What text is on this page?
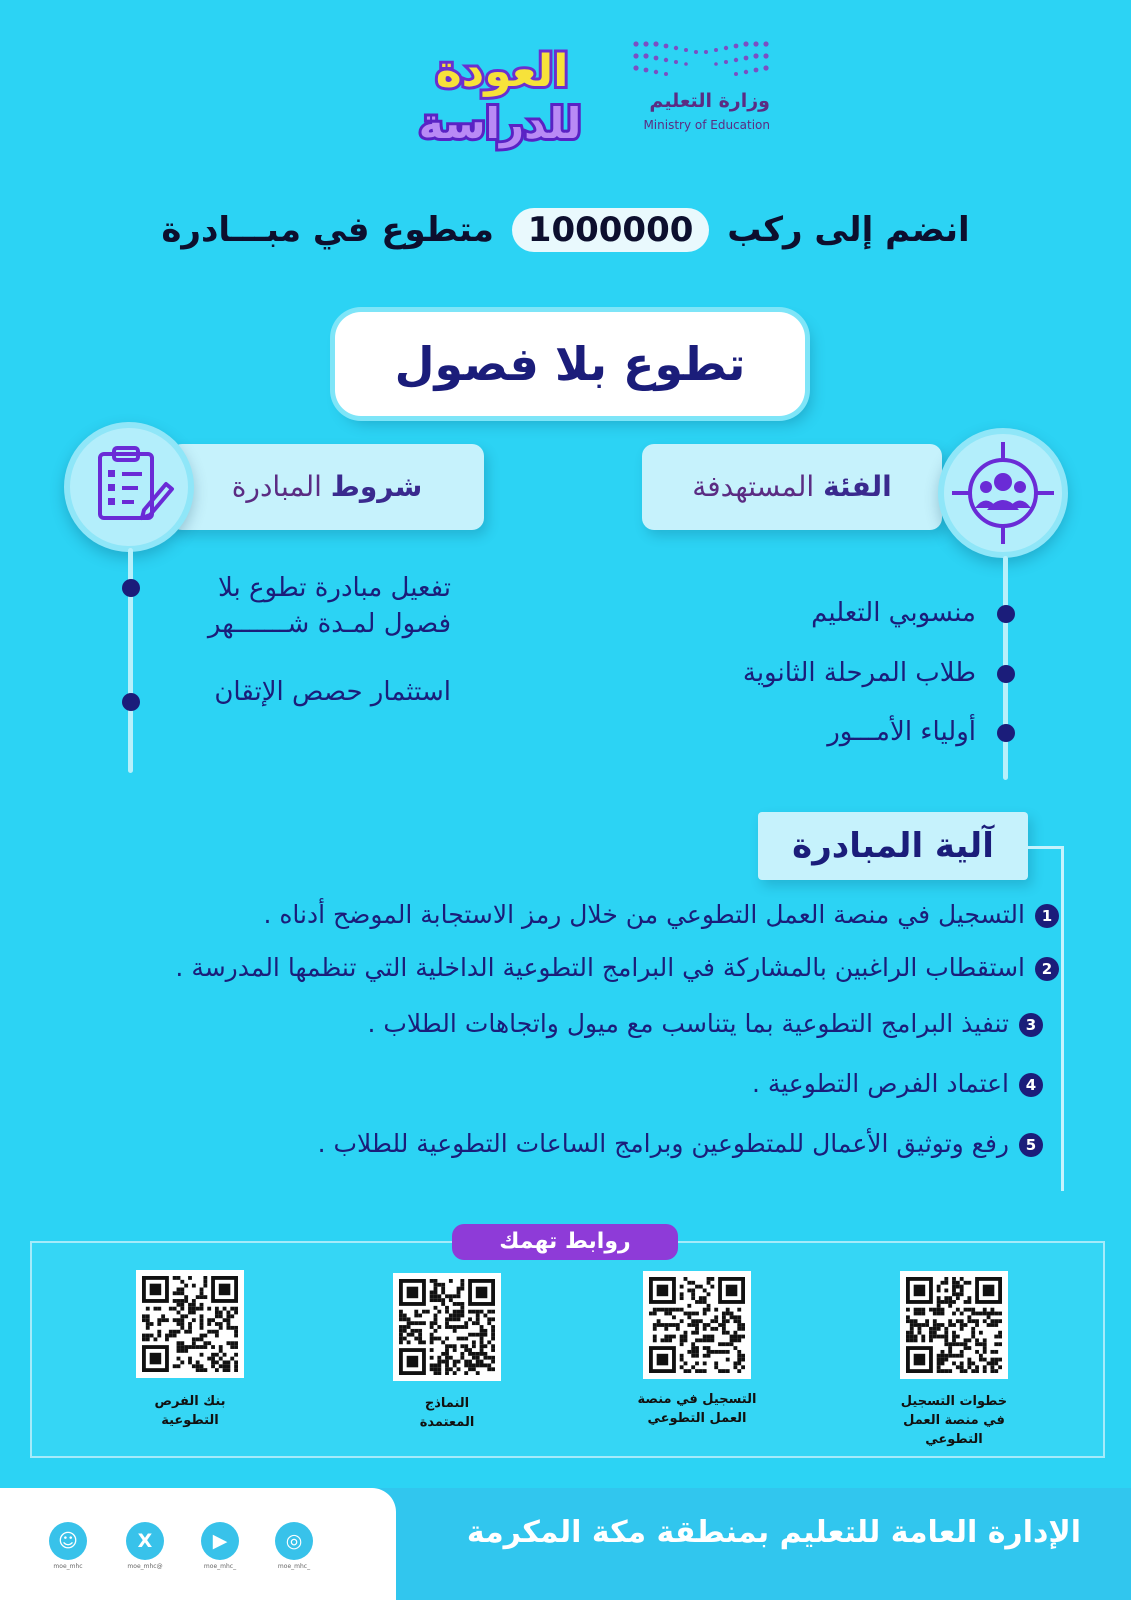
وزارة التعليم
Ministry of Education
العودة
للدراسة
انضم إلى ركب 1000000 متطوع في مبـــادرة
تطوع بلا فصول
الفئة المستهدفة
منسوبي التعليم
طلاب المرحلة الثانوية
أولياء الأمـــور
شروط المبادرة
تفعيل مبادرة تطوع بلا
فصول لمـدة شـــــــهر
استثمار حصص الإتقان
آلية المبادرة
1التسجيل في منصة العمل التطوعي من خلال رمز الاستجابة الموضح أدناه .
2استقطاب الراغبين بالمشاركة في البرامج التطوعية الداخلية التي تنظمها المدرسة .
3تنفيذ البرامج التطوعية بما يتناسب مع ميول واتجاهات الطلاب .
4اعتماد الفرص التطوعية .
5رفع وتوثيق الأعمال للمتطوعين وبرامج الساعات التطوعية للطلاب .
روابط تهمك
خطوات التسجيل
في منصة العمل
التطوعي
التسجيل في منصة
العمل التطوعي
النماذج
المعتمدة
بنك الفرص
التطوعية
الإدارة العامة للتعليم بمنطقة مكة المكرمة
◎
_moe_mhc
▶
_moe_mhc
X
@moe_mhc
☺
moe_mhc
